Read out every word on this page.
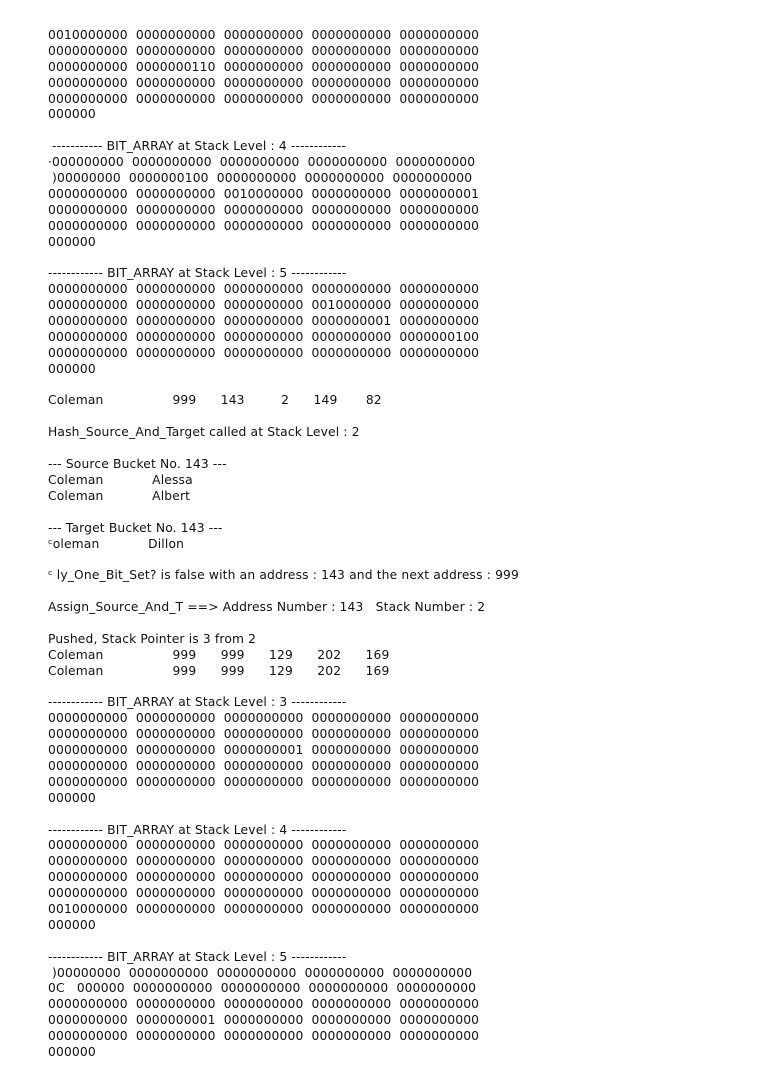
0010000000  0000000000  0000000000  0000000000  0000000000
0000000000  0000000000  0000000000  0000000000  0000000000
0000000000  0000000110  0000000000  0000000000  0000000000
0000000000  0000000000  0000000000  0000000000  0000000000
0000000000  0000000000  0000000000  0000000000  0000000000
000000
----------- BIT_ARRAY at Stack Level : 4 ------------
·000000000  0000000000  0000000000  0000000000  0000000000
)00000000  0000000100  0000000000  0000000000  0000000000
0000000000  0000000000  0010000000  0000000000  0000000001
0000000000  0000000000  0000000000  0000000000  0000000000
0000000000  0000000000  0000000000  0000000000  0000000000
000000
------------ BIT_ARRAY at Stack Level : 5 ------------
0000000000  0000000000  0000000000  0000000000  0000000000
0000000000  0000000000  0000000000  0010000000  0000000000
0000000000  0000000000  0000000000  0000000001  0000000000
0000000000  0000000000  0000000000  0000000000  0000000100
0000000000  0000000000  0000000000  0000000000  0000000000
000000
Coleman                 999      143         2      149       82
Hash_Source_And_Target called at Stack Level : 2
--- Source Bucket No. 143 ---
Coleman            Alessa
Coleman            Albert
--- Target Bucket No. 143 ---
ᶜoleman            Dillon
ᶜ ly_One_Bit_Set? is false with an address : 143 and the next address : 999
Assign_Source_And_T ==> Address Number : 143   Stack Number : 2
Pushed, Stack Pointer is 3 from 2
Coleman                 999      999      129      202      169
Coleman                 999      999      129      202      169
------------ BIT_ARRAY at Stack Level : 3 ------------
0000000000  0000000000  0000000000  0000000000  0000000000
0000000000  0000000000  0000000000  0000000000  0000000000
0000000000  0000000000  0000000001  0000000000  0000000000
0000000000  0000000000  0000000000  0000000000  0000000000
0000000000  0000000000  0000000000  0000000000  0000000000
000000
------------ BIT_ARRAY at Stack Level : 4 ------------
0000000000  0000000000  0000000000  0000000000  0000000000
0000000000  0000000000  0000000000  0000000000  0000000000
0000000000  0000000000  0000000000  0000000000  0000000000
0000000000  0000000000  0000000000  0000000000  0000000000
0010000000  0000000000  0000000000  0000000000  0000000000
000000
------------ BIT_ARRAY at Stack Level : 5 ------------
)00000000  0000000000  0000000000  0000000000  0000000000
0C   000000  0000000000  0000000000  0000000000  0000000000
0000000000  0000000000  0000000000  0000000000  0000000000
0000000000  0000000001  0000000000  0000000000  0000000000
0000000000  0000000000  0000000000  0000000000  0000000000
000000
